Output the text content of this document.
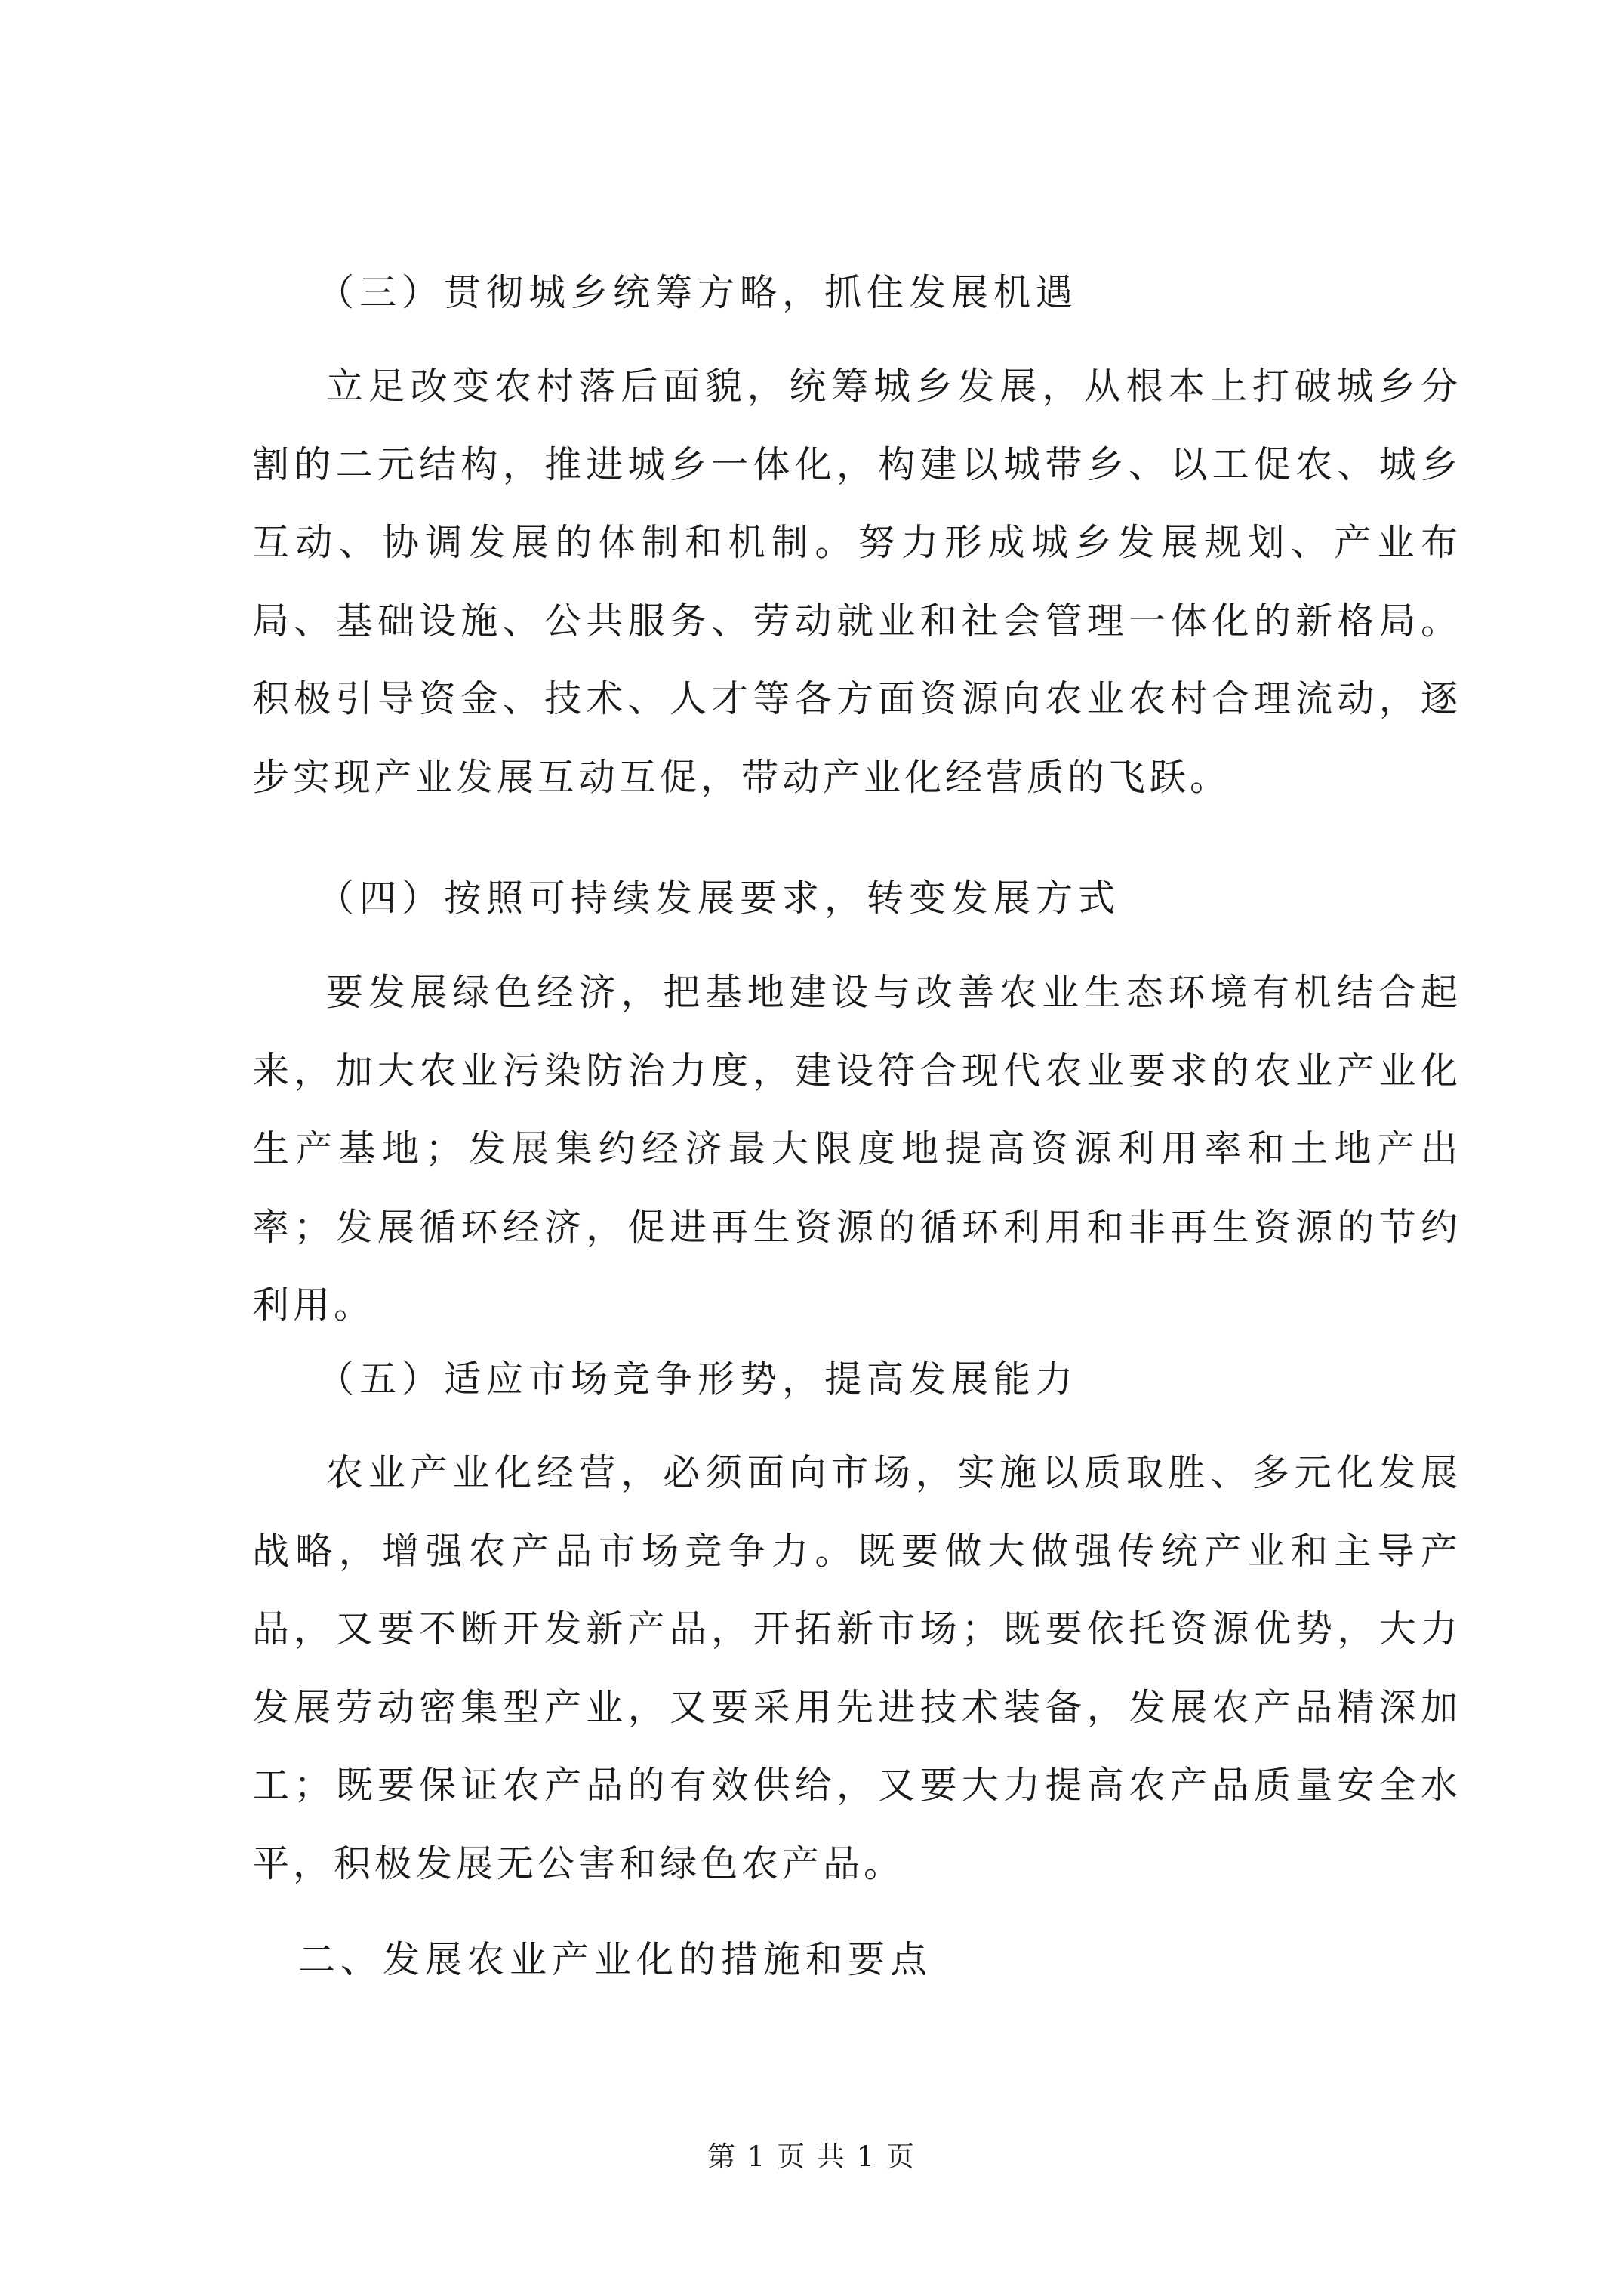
（三）贯彻城乡统筹方略，抓住发展机遇

立足改变农村落后面貌，统筹城乡发展，从根本上打破城乡分割的二元结构，推进城乡一体化，构建以城带乡、以工促农、城乡互动、协调发展的体制和机制。努力形成城乡发展规划、产业布局、基础设施、公共服务、劳动就业和社会管理一体化的新格局。积极引导资金、技术、人才等各方面资源向农业农村合理流动，逐步实现产业发展互动互促，带动产业化经营质的飞跃。

（四）按照可持续发展要求，转变发展方式

要发展绿色经济，把基地建设与改善农业生态环境有机结合起来，加大农业污染防治力度，建设符合现代农业要求的农业产业化生产基地；发展集约经济最大限度地提高资源利用率和土地产出率；发展循环经济，促进再生资源的循环利用和非再生资源的节约利用。

（五）适应市场竞争形势，提高发展能力

农业产业化经营，必须面向市场，实施以质取胜、多元化发展战略，增强农产品市场竞争力。既要做大做强传统产业和主导产品，又要不断开发新产品，开拓新市场；既要依托资源优势，大力发展劳动密集型产业，又要采用先进技术装备，发展农产品精深加工；既要保证农产品的有效供给，又要大力提高农产品质量安全水平，积极发展无公害和绿色农产品。

二、发展农业产业化的措施和要点
第 1 页 共 1 页
